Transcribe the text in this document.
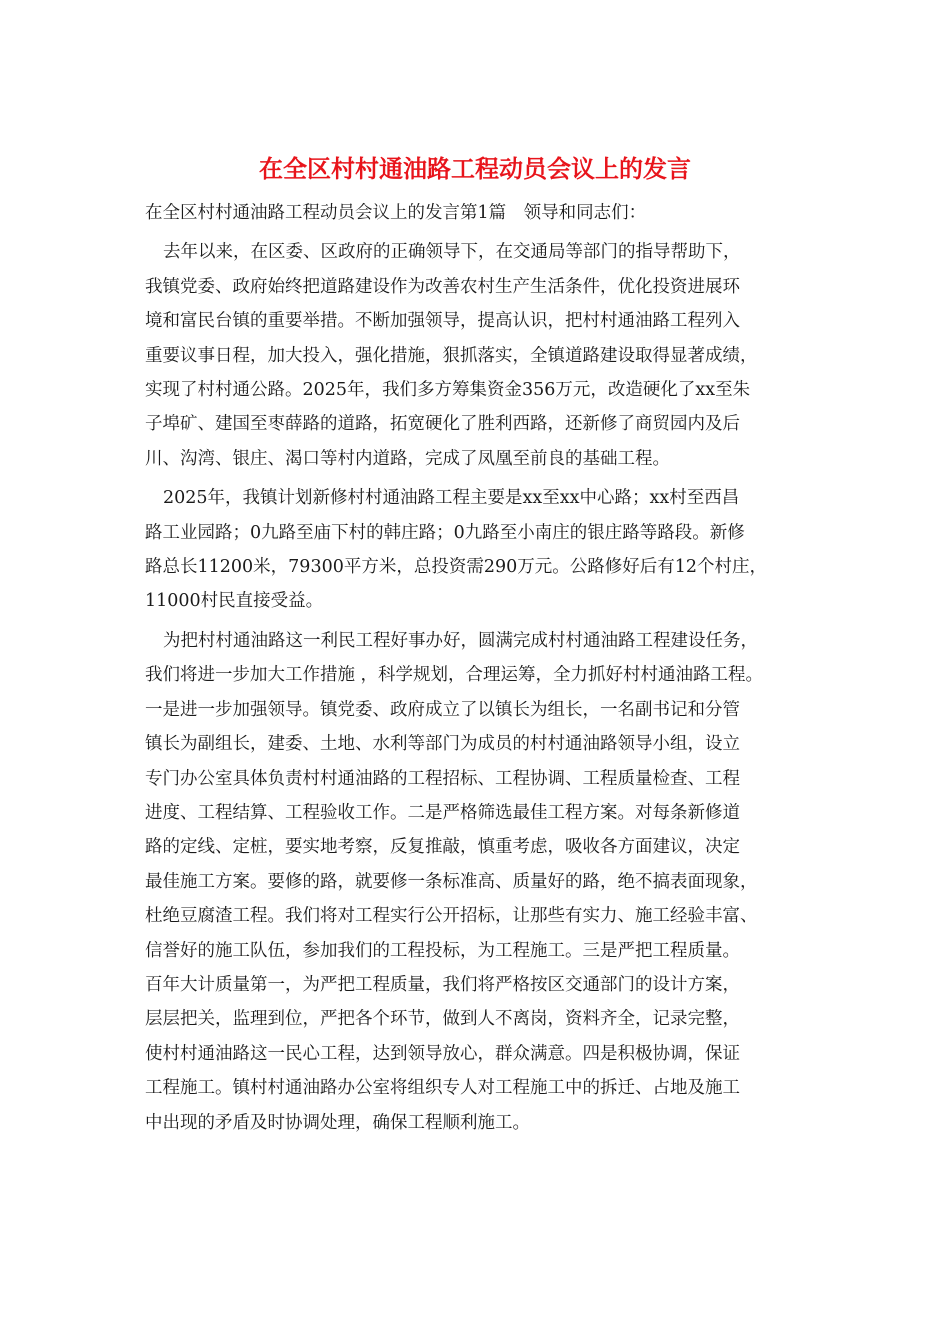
在全区村村通油路工程动员会议上的发言

在全区村村通油路工程动员会议上的发言第1篇　领导和同志们：

去年以来，在区委、区政府的正确领导下，在交通局等部门的指导帮助下，
我镇党委、政府始终把道路建设作为改善农村生产生活条件，优化投资进展环
境和富民台镇的重要举措。不断加强领导，提高认识，把村村通油路工程列入
重要议事日程，加大投入，强化措施，狠抓落实，全镇道路建设取得显著成绩，
实现了村村通公路。2025年，我们多方筹集资金356万元，改造硬化了xx至朱
子埠矿、建国至枣薛路的道路，拓宽硬化了胜利西路，还新修了商贸园内及后
川、沟湾、银庄、渴口等村内道路，完成了凤凰至前良的基础工程。

2025年，我镇计划新修村村通油路工程主要是xx至xx中心路；xx村至西昌
路工业园路；0九路至庙下村的韩庄路；0九路至小南庄的银庄路等路段。新修
路总长11200米，79300平方米，总投资需290万元。公路修好后有12个村庄，
11000村民直接受益。

为把村村通油路这一利民工程好事办好，圆满完成村村通油路工程建设任务，
我们将进一步加大工作措施 ，科学规划，合理运筹，全力抓好村村通油路工程。
一是进一步加强领导。镇党委、政府成立了以镇长为组长，一名副书记和分管
镇长为副组长，建委、土地、水利等部门为成员的村村通油路领导小组，设立
专门办公室具体负责村村通油路的工程招标、工程协调、工程质量检查、工程
进度、工程结算、工程验收工作。二是严格筛选最佳工程方案。对每条新修道
路的定线、定桩，要实地考察，反复推敲，慎重考虑，吸收各方面建议，决定
最佳施工方案。要修的路，就要修一条标准高、质量好的路，绝不搞表面现象，
杜绝豆腐渣工程。我们将对工程实行公开招标，让那些有实力、施工经验丰富、
信誉好的施工队伍，参加我们的工程投标，为工程施工。三是严把工程质量。
百年大计质量第一，为严把工程质量，我们将严格按区交通部门的设计方案，
层层把关，监理到位，严把各个环节，做到人不离岗，资料齐全，记录完整，
使村村通油路这一民心工程，达到领导放心，群众满意。四是积极协调，保证
工程施工。镇村村通油路办公室将组织专人对工程施工中的拆迁、占地及施工
中出现的矛盾及时协调处理，确保工程顺利施工。
